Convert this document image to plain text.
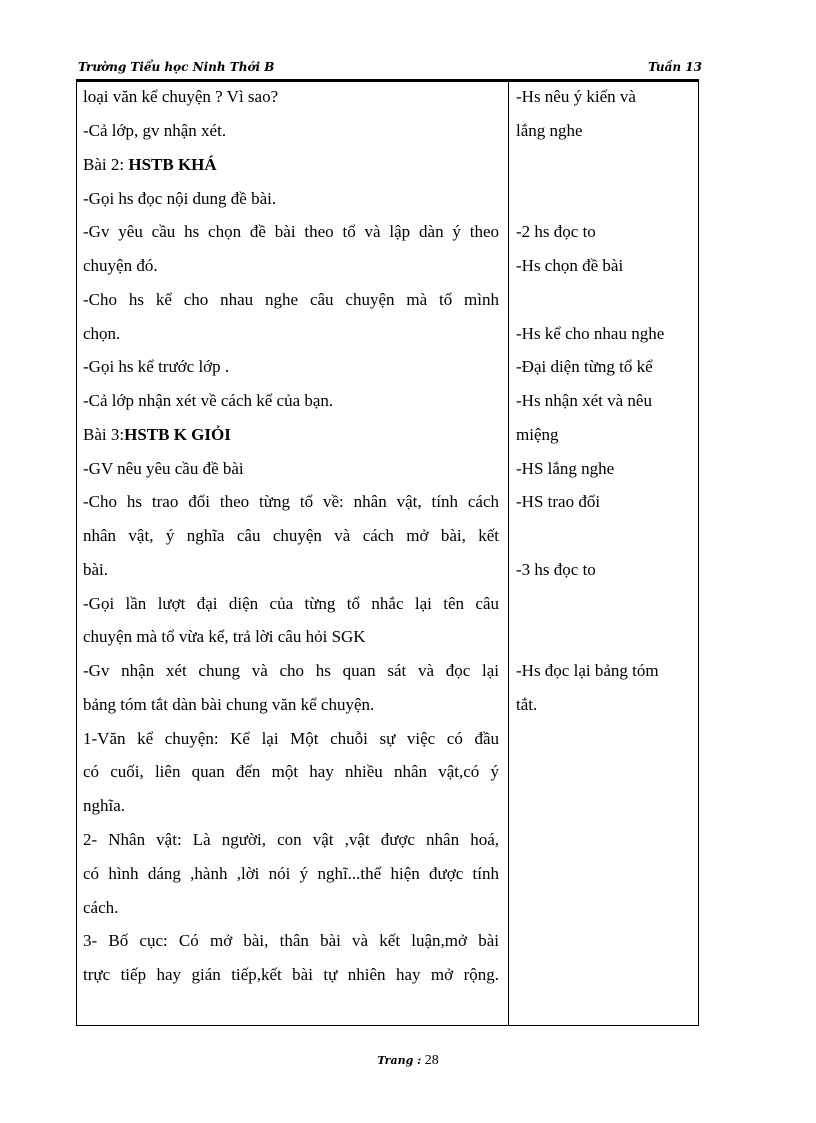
Trường Tiểu học Ninh Thới B	Tuần 13
loại văn kể chuyện ? Vì sao?
-Cả lớp, gv nhận xét.
Bài 2: HSTB KHÁ
-Gọi hs đọc nội dung đề bài.
-Gv yêu cầu hs chọn đề bài theo tổ và lập dàn ý theo
chuyện đó.
-Cho hs kể cho nhau nghe câu chuyện mà tổ mình
chọn.
-Gọi hs kể trước lớp .
-Cả lớp nhận xét về cách kể của bạn.
Bài 3:HSTB K GIỎI
-GV nêu yêu cầu đề bài
-Cho hs trao đổi theo từng tổ về: nhân vật, tính cách
nhân vật, ý nghĩa câu chuyện và cách mở bài, kết
bài.
-Gọi lần lượt đại diện của từng tổ nhắc lại tên câu
chuyện mà tổ vừa kể, trả lời câu hỏi SGK
-Gv nhận xét chung và cho hs quan sát và đọc lại
bảng tóm tắt dàn bài chung văn kể chuyện.
1-Văn kể chuyện: Kể lại Một chuỗi sự việc có đầu
có cuối, liên quan đến một hay nhiều nhân vật,có ý
nghĩa.
2- Nhân vật: Là người, con vật ,vật được nhân hoá,
có hình dáng ,hành ,lời nói ý nghĩ...thể hiện được tính
cách.
3- Bố cục: Có mở bài, thân bài và kết luận,mở bài
trực tiếp hay gián tiếp,kết bài tự nhiên hay mở rộng.
-Hs nêu ý kiến và
lắng nghe
-2 hs đọc to
-Hs chọn đề bài
-Hs kể cho nhau nghe
-Đại diện từng tổ kể
-Hs nhận xét và nêu
miệng
-HS lắng nghe
-HS trao đổi
-3 hs đọc to
-Hs đọc lại bảng tóm
tắt.
Trang : 28
